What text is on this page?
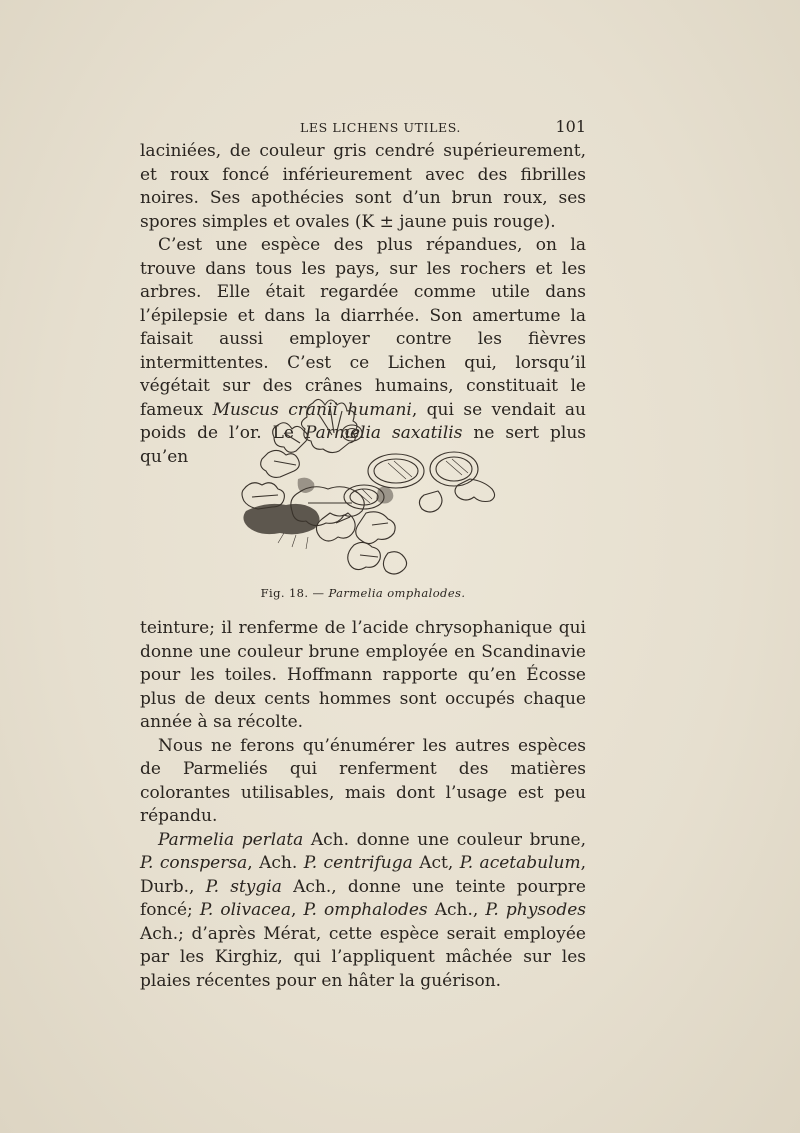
LES LICHENS UTILES.	101

laciniées, de couleur gris cendré supérieurement, et roux foncé inférieurement avec des fibrilles noires. Ses apothécies sont d’un brun roux, ses spores simples et ovales (K ± jaune puis rouge).

C’est une espèce des plus répandues, on la trouve dans tous les pays, sur les rochers et les arbres. Elle était regardée comme utile dans l’épilepsie et dans la diarrhée. Son amertume la faisait aussi employer contre les fièvres intermittentes. C’est ce Lichen qui, lorsqu’il végétait sur des crânes humains, constituait le fameux Muscus cranii humani, qui se vendait au poids de l’or. Le Parmelia saxatilis ne sert plus qu’en

Fig. 18. — Parmelia omphalodes.

teinture; il renferme de l’acide chrysophanique qui donne une couleur brune employée en Scandinavie pour les toiles. Hoffmann rapporte qu’en Écosse plus de deux cents hommes sont occupés chaque année à sa récolte.

Nous ne ferons qu’énumérer les autres espèces de Parmeliés qui renferment des matières colorantes utilisables, mais dont l’usage est peu répandu.

Parmelia perlata Ach. donne une couleur brune, P. conspersa, Ach. P. centrifuga Act, P. acetabulum, Durb., P. stygia Ach., donne une teinte pourpre foncé; P. olivacea, P. omphalodes Ach., P. physodes Ach.; d’après Mérat, cette espèce serait employée par les Kirghiz, qui l’appliquent mâchée sur les plaies récentes pour en hâter la guérison.
